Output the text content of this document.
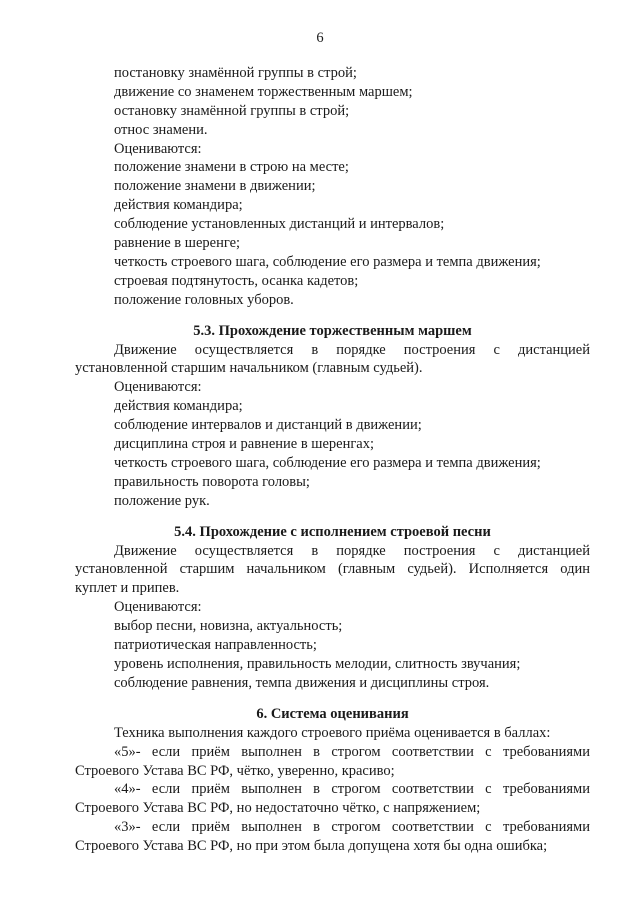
6
постановку знамённой группы в строй;
движение со знаменем торжественным маршем;
остановку знамённой группы в строй;
относ знамени.
Оцениваются:
положение знамени в строю на месте;
положение знамени в движении;
действия командира;
соблюдение установленных дистанций и интервалов;
равнение в шеренге;
четкость строевого шага, соблюдение его размера и темпа движения;
строевая подтянутость, осанка кадетов;
положение головных уборов.
5.3. Прохождение торжественным маршем
Движение осуществляется в порядке построения с дистанцией
установленной старшим начальником (главным судьей).
Оцениваются:
действия командира;
соблюдение интервалов и дистанций в движении;
дисциплина строя и равнение в шеренгах;
четкость строевого шага, соблюдение его размера и темпа движения;
правильность поворота головы;
положение рук.
5.4. Прохождение с исполнением строевой песни
Движение осуществляется в порядке построения с дистанцией
установленной старшим начальником (главным судьей). Исполняется один
куплет и припев.
Оцениваются:
выбор песни, новизна, актуальность;
патриотическая направленность;
уровень исполнения, правильность мелодии, слитность звучания;
соблюдение равнения, темпа движения и дисциплины строя.
6. Система оценивания
Техника выполнения каждого строевого приёма оценивается в баллах:
«5»- если приём выполнен в строгом соответствии с требованиями
Строевого Устава ВС РФ, чётко, уверенно, красиво;
«4»- если приём выполнен в строгом соответствии с требованиями
Строевого Устава ВС РФ, но недостаточно чётко, с напряжением;
«3»- если приём выполнен в строгом соответствии с требованиями
Строевого Устава ВС РФ, но при этом была допущена хотя бы одна ошибка;
